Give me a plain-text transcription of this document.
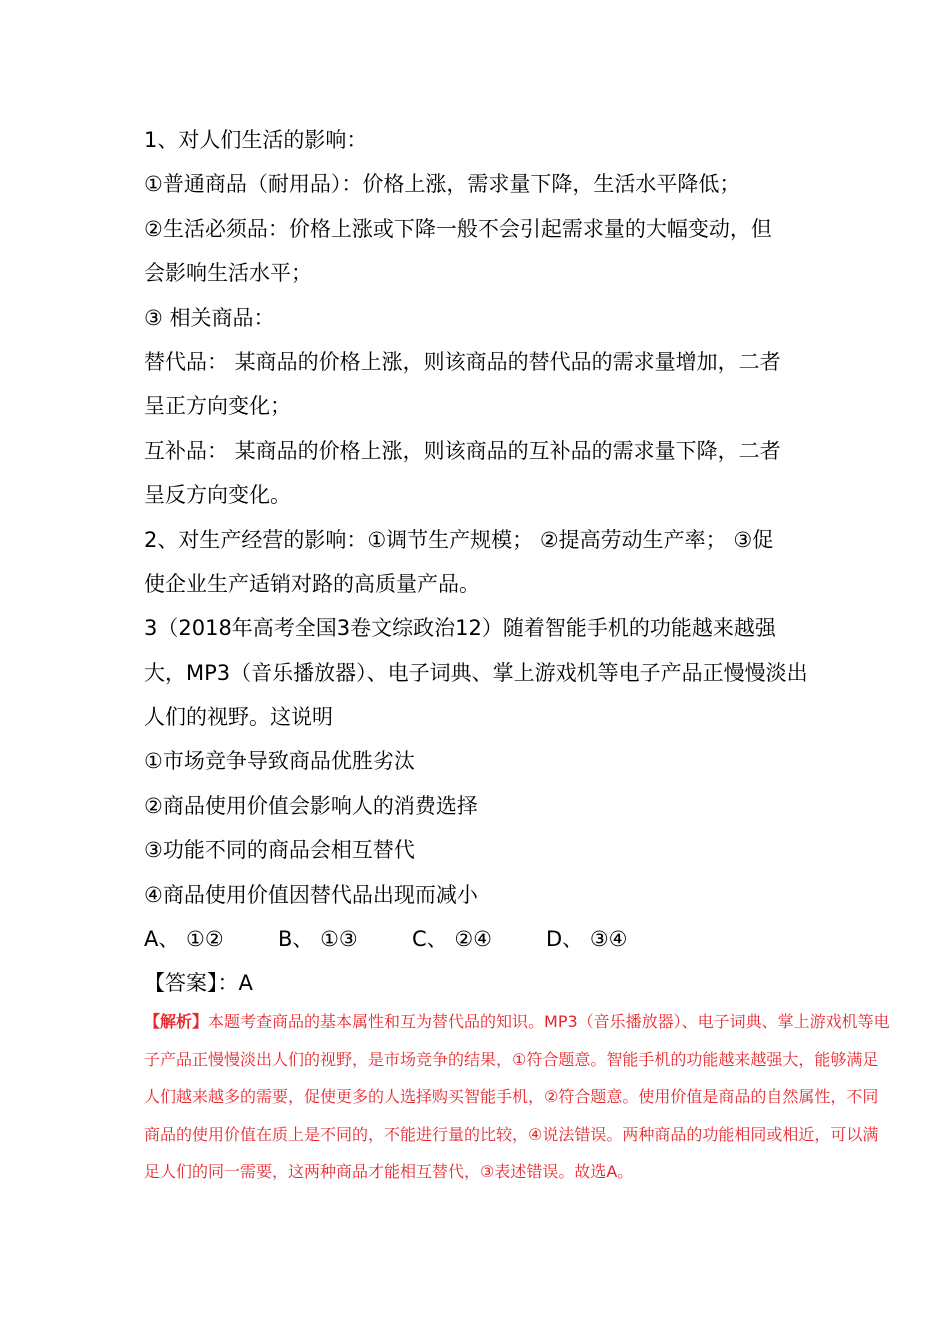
1、对人们生活的影响：
①普通商品（耐用品）：价格上涨，需求量下降，生活水平降低；
②生活必须品：价格上涨或下降一般不会引起需求量的大幅变动，但
会影响生活水平；
③ 相关商品：
替代品： 某商品的价格上涨，则该商品的替代品的需求量增加，二者
呈正方向变化；
互补品： 某商品的价格上涨，则该商品的互补品的需求量下降，二者
呈反方向变化。
2、对生产经营的影响：①调节生产规模； ②提高劳动生产率； ③促
使企业生产适销对路的高质量产品。
3（2018年高考全国3卷文综政治12）随着智能手机的功能越来越强
大，MP3（音乐播放器）、电子词典、掌上游戏机等电子产品正慢慢淡出
人们的视野。这说明
①市场竞争导致商品优胜劣汰
②商品使用价值会影响人的消费选择
③功能不同的商品会相互替代
④商品使用价值因替代品出现而减小
A、 ①②	B、 ①③	C、 ②④	D、 ③④
【答案】：A
【解析】本题考查商品的基本属性和互为替代品的知识。MP3（音乐播放器）、电子词典、掌上游戏机等电
子产品正慢慢淡出人们的视野，是市场竞争的结果，①符合题意。智能手机的功能越来越强大，能够满足
人们越来越多的需要，促使更多的人选择购买智能手机，②符合题意。使用价值是商品的自然属性，不同
商品的使用价值在质上是不同的，不能进行量的比较，④说法错误。两种商品的功能相同或相近，可以满
足人们的同一需要，这两种商品才能相互替代，③表述错误。故选A。
